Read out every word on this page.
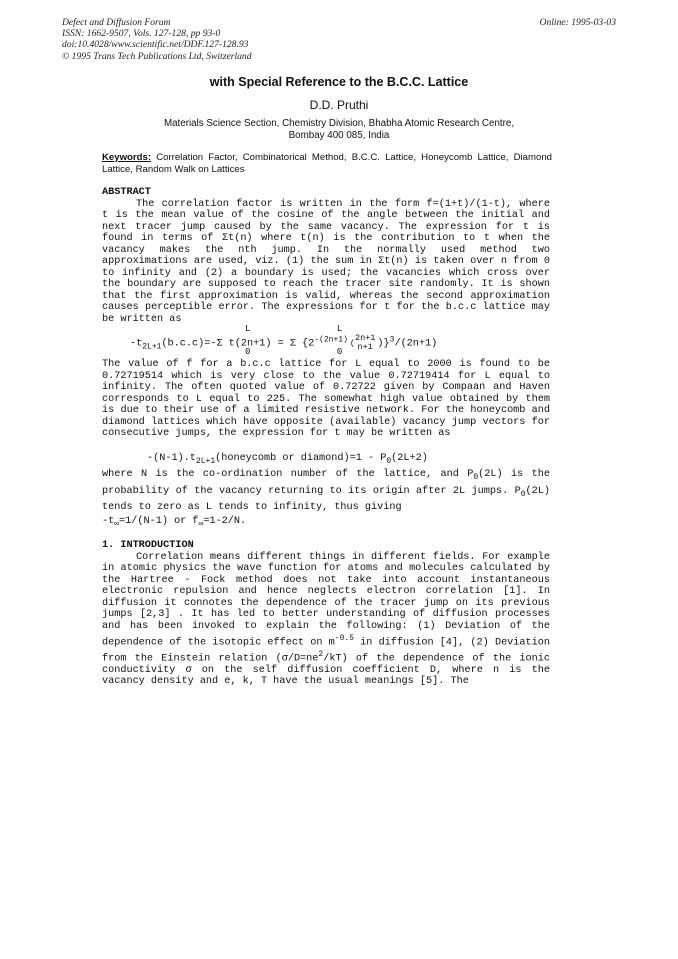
Defect and Diffusion Forum
ISSN: 1662-9507, Vols. 127-128, pp 93-0
doi:10.4028/www.scientific.net/DDF.127-128.93
© 1995 Trans Tech Publications Ltd, Switzerland
Online: 1995-03-03
with Special Reference to the B.C.C. Lattice
D.D. Pruthi
Materials Science Section, Chemistry Division, Bhabha Atomic Research Centre,
Bombay 400 085, India
Keywords: Correlation Factor, Combinatorical Method, B.C.C. Lattice, Honeycomb Lattice, Diamond Lattice, Random Walk on Lattices
ABSTRACT
The correlation factor is written in the form f=(1+t)/(1-t), where t is the mean value of the cosine of the angle between the initial and next tracer jump caused by the same vacancy. The expression for t is found in terms of Σt(n) where t(n) is the contribution to t when the vacancy makes the nth jump. In the normally used method two approximations are used, viz. (1) the sum in Σt(n) is taken over n from 0 to infinity and (2) a boundary is used; the vacancies which cross over the boundary are supposed to reach the tracer site randomly. It is shown that the first approximation is valid, whereas the second approximation causes perceptible error. The expressions for t for the b.c.c lattice may be written as
L                L
$-t_{2L+1}(b.c.c)=-\Sigma$ t(2n+1) = Σ {$2^{-(2n+1)}$ (
2n+1
n+1 )}$^3$/(2n+1)
0                0
The value of f for a b.c.c lattice for L equal to 2000 is found to be 0.72719514 which is very close to the value 0.72719414 for L equal to infinity. The often quoted value of 0.72722 given by Compaan and Haven corresponds to L equal to 225. The somewhat high value obtained by them is due to their use of a limited resistive network. For the honeycomb and diamond lattices which have opposite (available) vacancy jump vectors for consecutive jumps, the expression for t may be written as
$-(N-1).t_{2L+1}(honeycomb$ or diamond)=1 - $P_0(2L+2)$
where N is the co-ordination number of the lattice, and $P_0(2L)$ is the probability of the vacancy returning to its origin after 2L jumps. $P_0(2L)$ tends to zero as L tends to infinity, thus giving
$-t_\infty=1/(N-1)$ or $f_\infty=1-2/N$.
1. INTRODUCTION
Correlation means different things in different fields. For example in atomic physics the wave function for atoms and molecules calculated by the Hartree - Fock method does not take into account instantaneous electronic repulsion and hence neglects electron correlation [1]. In diffusion it connotes the dependence of the tracer jump on its previous jumps [2,3] . It has led to better understanding of diffusion processes and has been invoked to explain the following: (1) Deviation of the dependence of the isotopic effect on $m^{-0.5}$ in diffusion [4], (2) Deviation from the Einstein relation $(\sigma/D=ne^2/kT)$ of the dependence of the ionic conductivity σ on the self diffusion coefficient D, where n is the vacancy density and e, k, T have the usual meanings [5]. The
